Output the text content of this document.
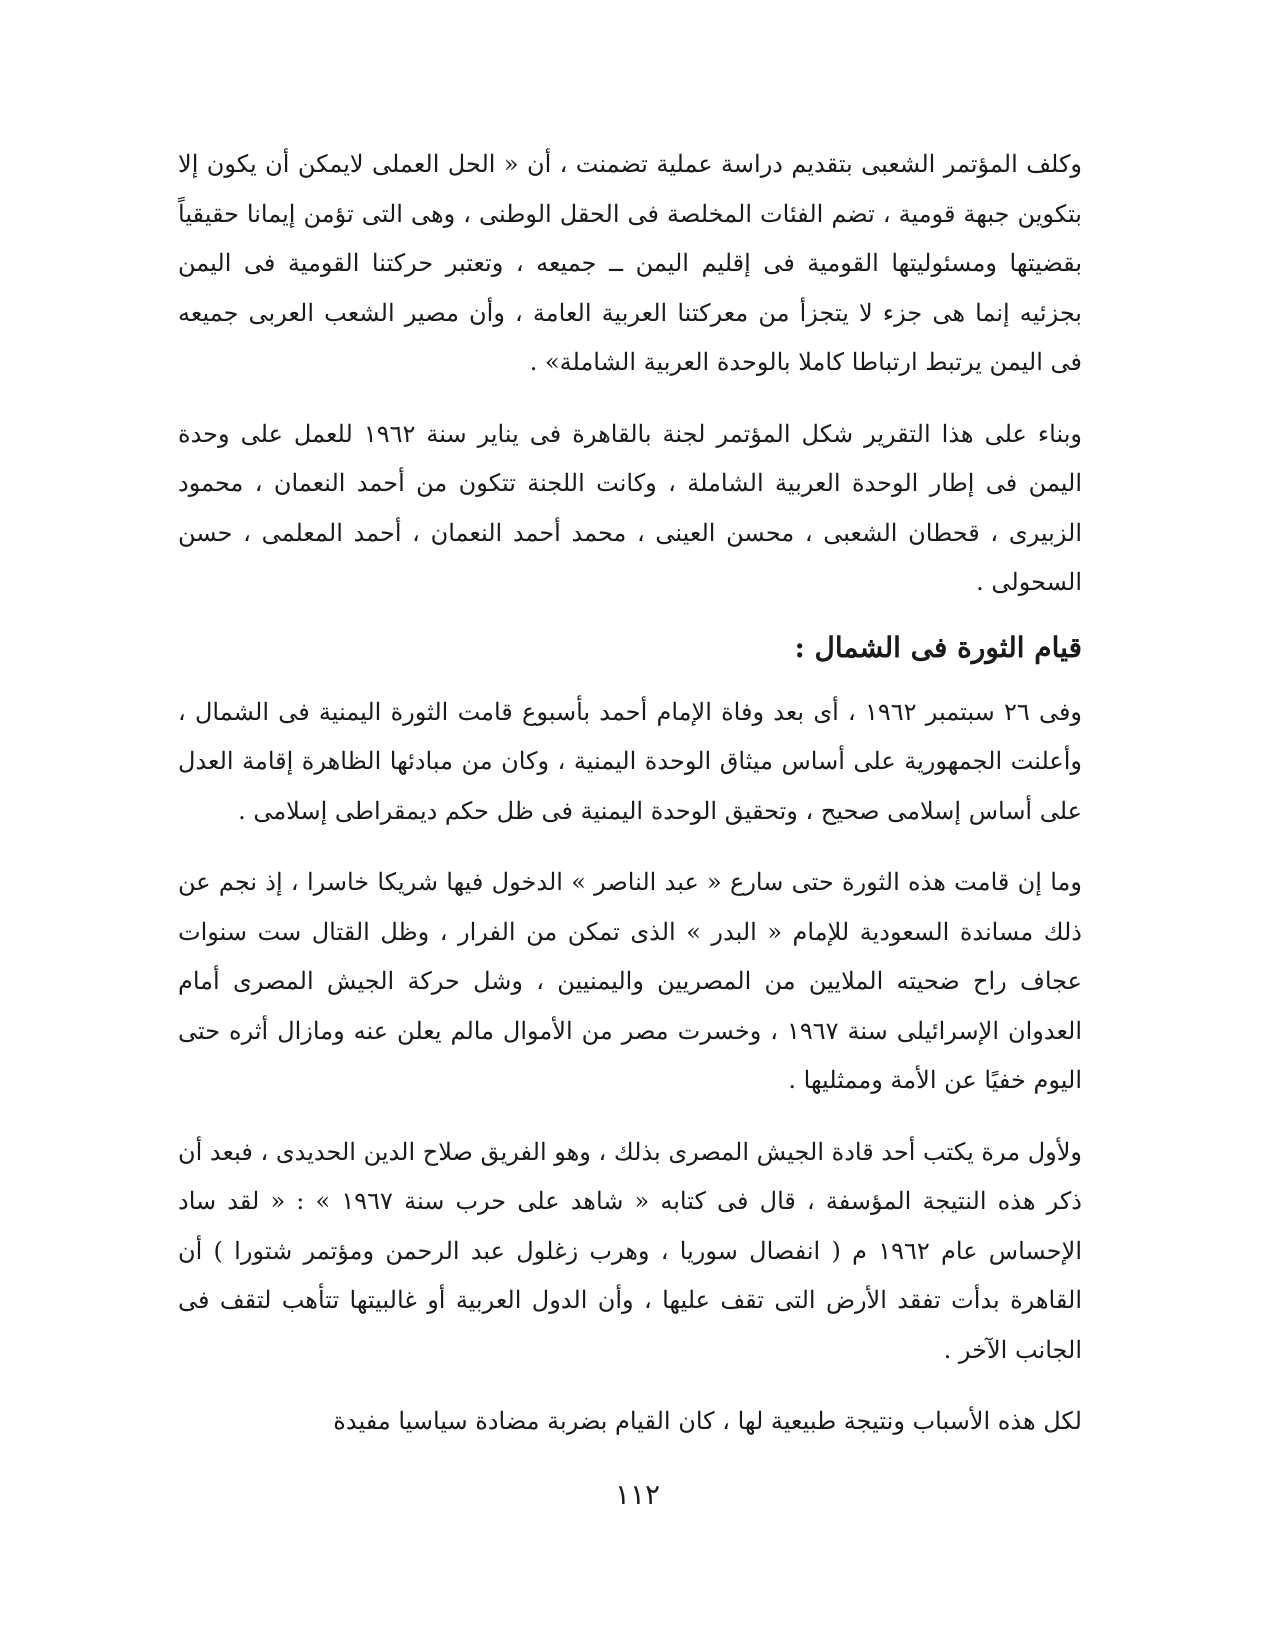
وكلف المؤتمر الشعبى بتقديم دراسة عملية تضمنت ، أن « الحل العملى لايمكن أن يكون إلا بتكوين جبهة قومية ، تضم الفئات المخلصة فى الحقل الوطنى ، وهى التى تؤمن إيمانا حقيقياً بقضيتها ومسئوليتها القومية فى إقليم اليمن ــ جميعه ، وتعتبر حركتنا القومية فى اليمن بجزئيه إنما هى جزء لا يتجزأ من معركتنا العربية العامة ، وأن مصير الشعب العربى جميعه فى اليمن يرتبط ارتباطا كاملا بالوحدة العربية الشاملة» .

وبناء على هذا التقرير شكل المؤتمر لجنة بالقاهرة فى يناير سنة ١٩٦٢ للعمل على وحدة اليمن فى إطار الوحدة العربية الشاملة ، وكانت اللجنة تتكون من أحمد النعمان ، محمود الزبيرى ، قحطان الشعبى ، محسن العينى ، محمد أحمد النعمان ، أحمد المعلمى ، حسن السحولى .

قيام الثورة فى الشمال :

وفى ٢٦ سبتمبر ١٩٦٢ ، أى بعد وفاة الإمام أحمد بأسبوع قامت الثورة اليمنية فى الشمال ، وأعلنت الجمهورية على أساس ميثاق الوحدة اليمنية ، وكان من مبادئها الظاهرة إقامة العدل على أساس إسلامى صحيح ، وتحقيق الوحدة اليمنية فى ظل حكم ديمقراطى إسلامى .

وما إن قامت هذه الثورة حتى سارع « عبد الناصر » الدخول فيها شريكا خاسرا ، إذ نجم عن ذلك مساندة السعودية للإمام « البدر » الذى تمكن من الفرار ، وظل القتال ست سنوات عجاف راح ضحيته الملايين من المصريين واليمنيين ، وشل حركة الجيش المصرى أمام العدوان الإسرائيلى سنة ١٩٦٧ ، وخسرت مصر من الأموال مالم يعلن عنه ومازال أثره حتى اليوم خفيًا عن الأمة وممثليها .

ولأول مرة يكتب أحد قادة الجيش المصرى بذلك ، وهو الفريق صلاح الدين الحديدى ، فبعد أن ذكر هذه النتيجة المؤسفة ، قال فى كتابه « شاهد على حرب سنة ١٩٦٧ » : « لقد ساد الإحساس عام ١٩٦٢ م ( انفصال سوريا ، وهرب زغلول عبد الرحمن ومؤتمر شتورا ) أن القاهرة بدأت تفقد الأرض التى تقف عليها ، وأن الدول العربية أو غالبيتها تتأهب لتقف فى الجانب الآخر .

لكل هذه الأسباب ونتيجة طبيعية لها ، كان القيام بضربة مضادة سياسيا مفيدة

١١٢
